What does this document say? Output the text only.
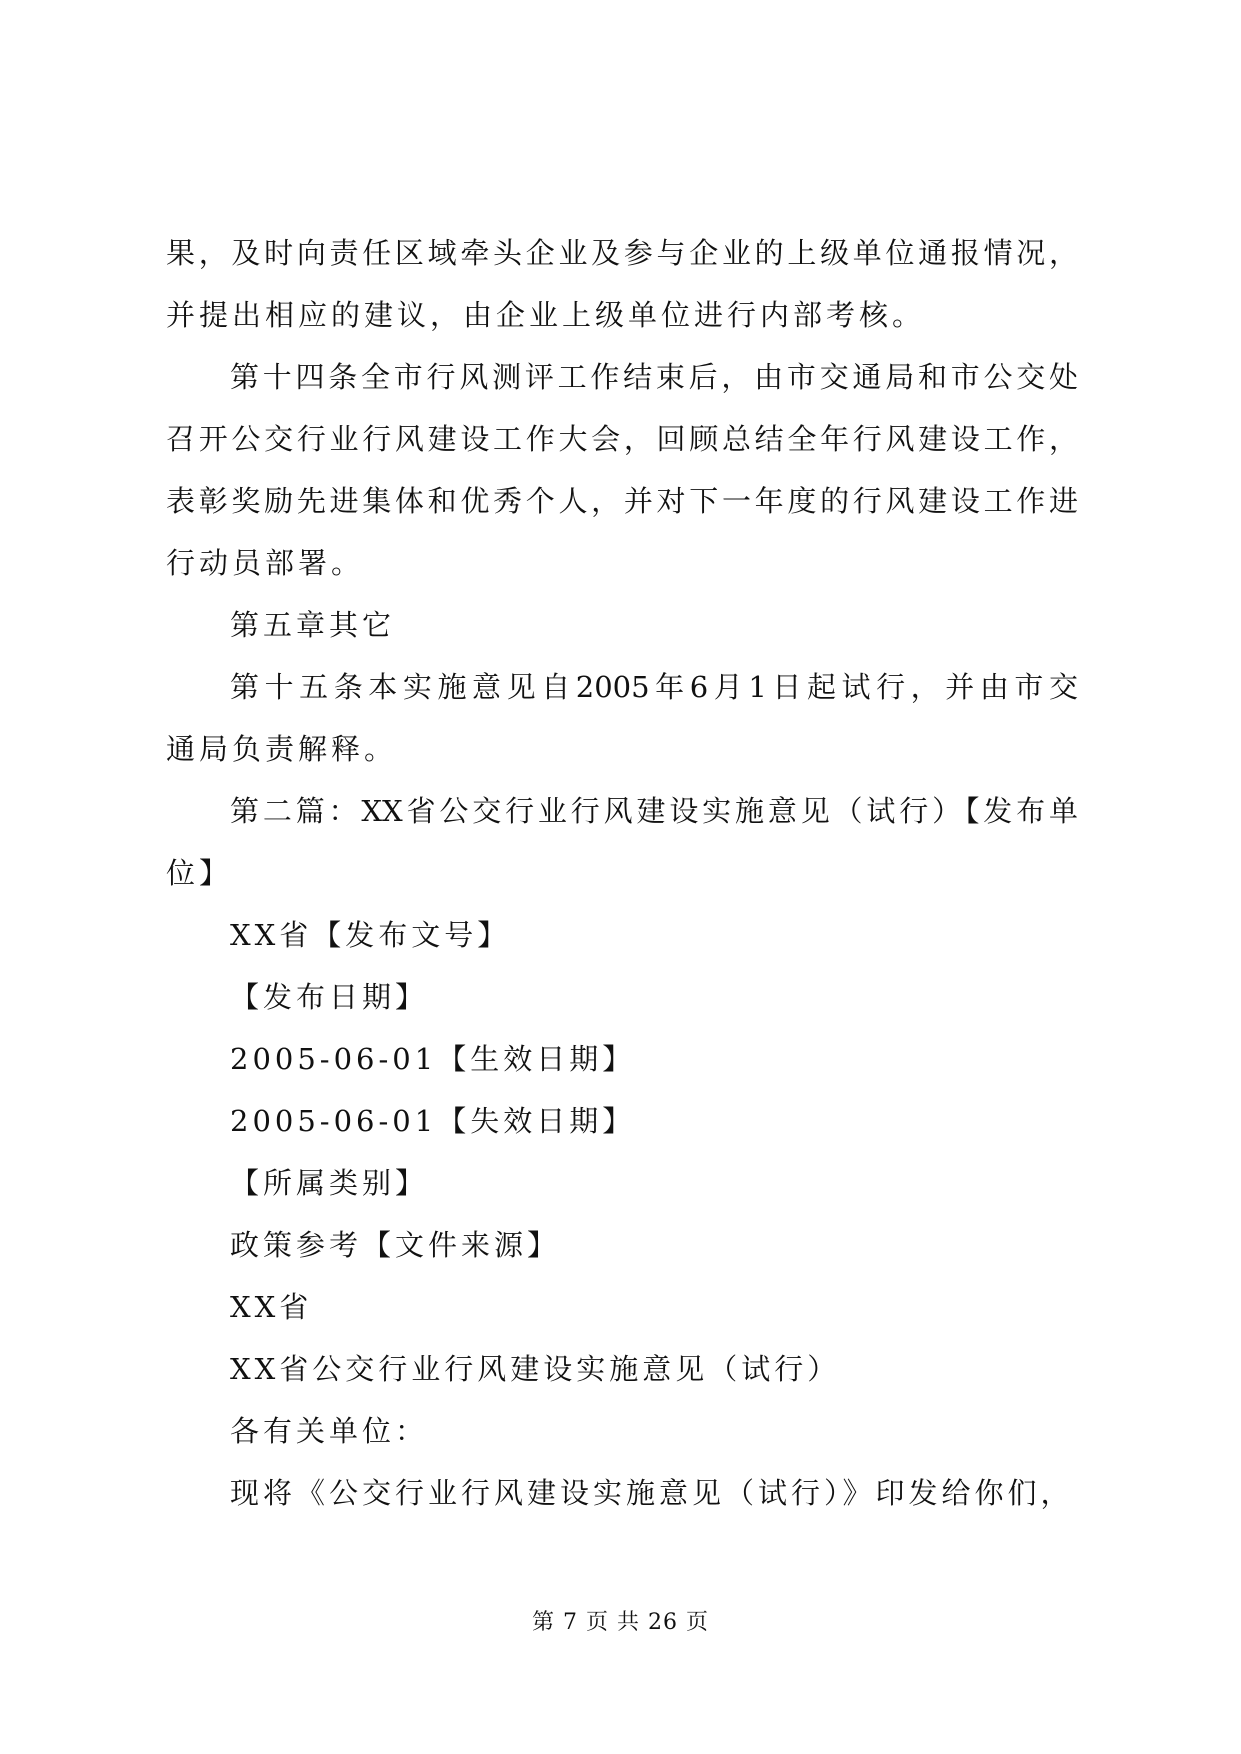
果，及时向责任区域牵头企业及参与企业的上级单位通报情况，
并提出相应的建议，由企业上级单位进行内部考核。
第十四条全市行风测评工作结束后，由市交通局和市公交处
召开公交行业行风建设工作大会，回顾总结全年行风建设工作，
表彰奖励先进集体和优秀个人，并对下一年度的行风建设工作进
行动员部署。
第五章其它
第十五条本实施意见自2005年6月1日起试行，并由市交
通局负责解释。
第二篇：XX省公交行业行风建设实施意见（试行）【发布单
位】
XX省【发布文号】
【发布日期】
2005-06-01【生效日期】
2005-06-01【失效日期】
【所属类别】
政策参考【文件来源】
XX省
XX省公交行业行风建设实施意见（试行）
各有关单位：
现将《公交行业行风建设实施意见（试行）》印发给你们，
第 7 页 共 26 页
